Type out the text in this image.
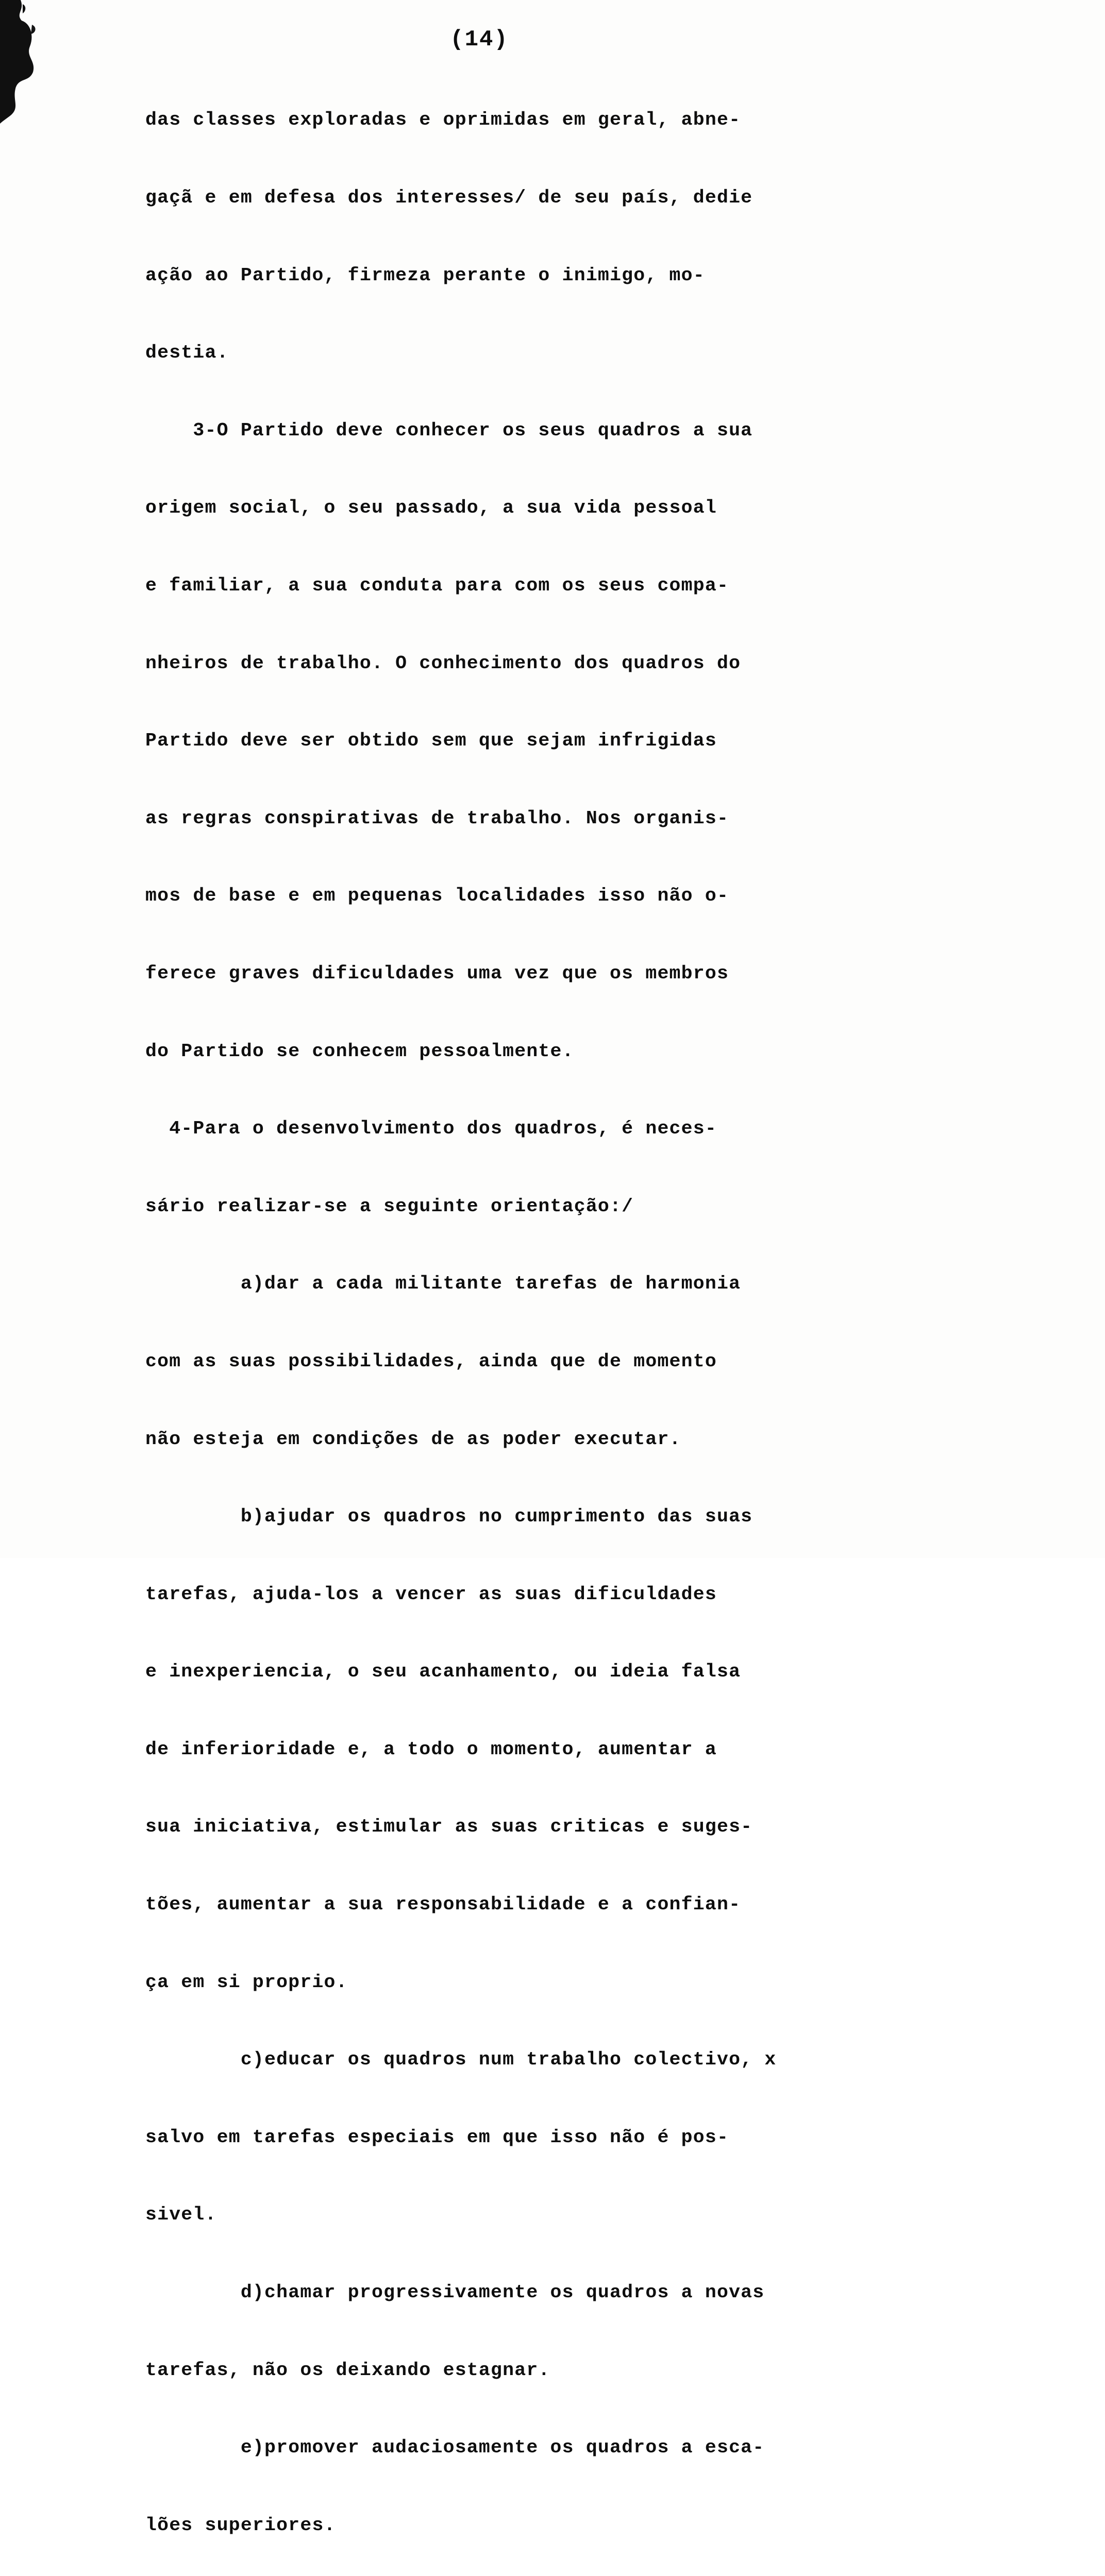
(14)

das classes exploradas e oprimidas em geral, abne-

gaçã e em defesa dos interesses/ de seu país, dedie

ação ao Partido, firmeza perante o inimigo, mo-

destia.

3-O Partido deve conhecer os seus quadros a sua

origem social, o seu passado, a sua vida pessoal

e familiar, a sua conduta para com os seus compa-

nheiros de trabalho. O conhecimento dos quadros do

Partido deve ser obtido sem que sejam infrigidas

as regras conspirativas de trabalho. Nos organis-

mos de base e em pequenas localidades isso não o-

ferece graves dificuldades uma vez que os membros

do Partido se conhecem pessoalmente.

4-Para o desenvolvimento dos quadros, é neces-

sário realizar-se a seguinte orientação:/

a)dar a cada militante tarefas de harmonia

com as suas possibilidades, ainda que de momento

não esteja em condições de as poder executar.

b)ajudar os quadros no cumprimento das suas

tarefas, ajuda-los a vencer as suas dificuldades

e inexperiencia, o seu acanhamento, ou ideia falsa

de inferioridade e, a todo o momento, aumentar a

sua iniciativa, estimular as suas criticas e suges-

tões, aumentar a sua responsabilidade e a confian-

ça em si proprio.

c)educar os quadros num trabalho colectivo, x

salvo em tarefas especiais em que isso não é pos-

sivel.

d)chamar progressivamente os quadros a novas

tarefas, não os deixando estagnar.

e)promover audaciosamente os quadros a esca-

lões superiores.
